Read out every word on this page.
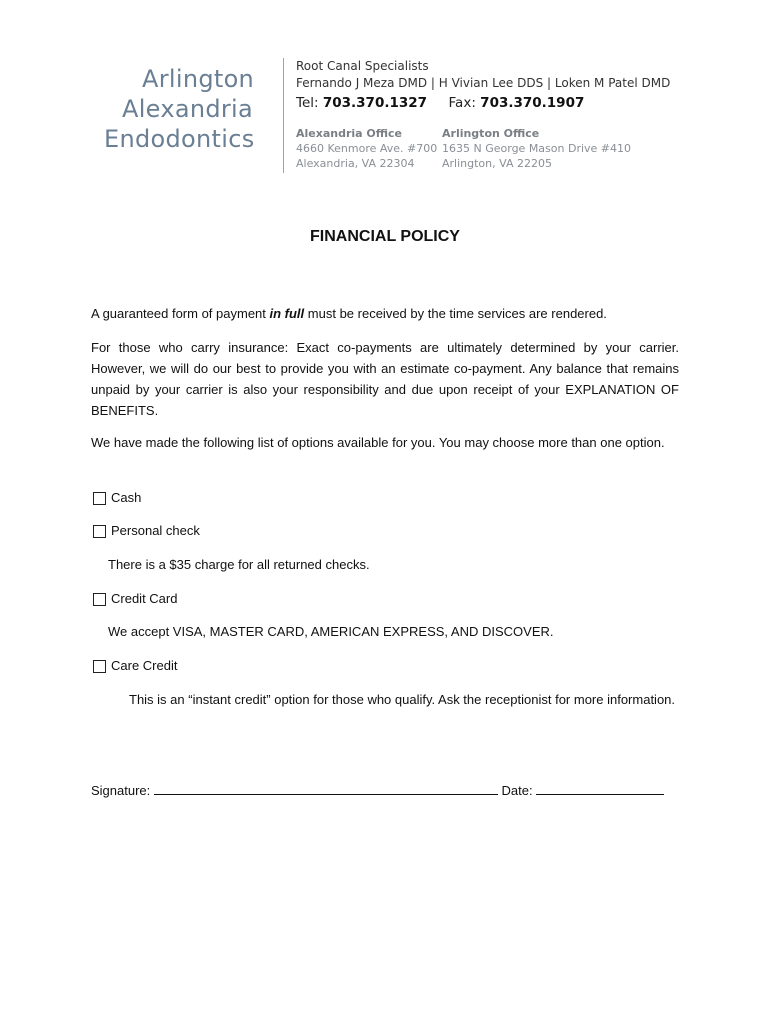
Arlington
Alexandria
Endodontics
Root Canal Specialists
Fernando J Meza DMD | H Vivian Lee DDS | Loken M Patel DMD
Tel: 703.370.1327 Fax: 703.370.1907
Alexandria Office
4660 Kenmore Ave. #700
Alexandria, VA 22304
Arlington Office
1635 N George Mason Drive #410
Arlington, VA 22205
FINANCIAL POLICY
A guaranteed form of payment in full must be received by the time services are rendered.
For those who carry insurance: Exact co-payments are ultimately determined by your carrier. However, we will do our best to provide you with an estimate co-payment. Any balance that remains unpaid by your carrier is also your responsibility and due upon receipt of your EXPLANATION OF BENEFITS.
We have made the following list of options available for you. You may choose more than one option.
Cash
Personal check
There is a $35 charge for all returned checks.
Credit Card
We accept VISA, MASTER CARD, AMERICAN EXPRESS, AND DISCOVER.
Care Credit
This is an “instant credit” option for those who qualify. Ask the receptionist for more information.
Signature:	Date:
